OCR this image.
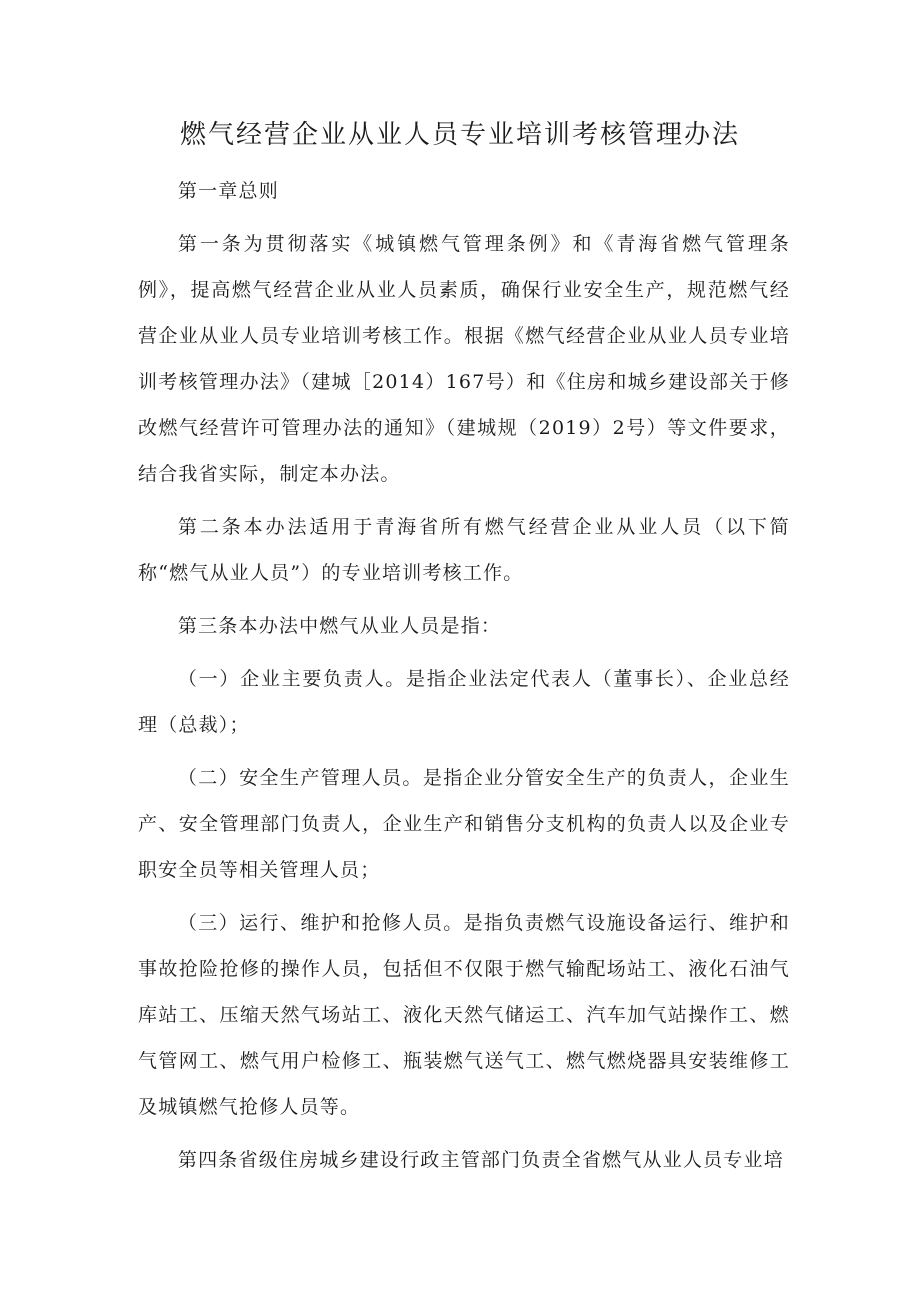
燃气经营企业从业人员专业培训考核管理办法

第一章总则

第一条为贯彻落实《城镇燃气管理条例》和《青海省燃气管理条例》，提高燃气经营企业从业人员素质，确保行业安全生产，规范燃气经营企业从业人员专业培训考核工作。根据《燃气经营企业从业人员专业培训考核管理办法》（建城［2014）167号）和《住房和城乡建设部关于修改燃气经营许可管理办法的通知》（建城规（2019）2号）等文件要求，结合我省实际，制定本办法。

第二条本办法适用于青海省所有燃气经营企业从业人员（以下简称“燃气从业人员”）的专业培训考核工作。

第三条本办法中燃气从业人员是指：

（一）企业主要负责人。是指企业法定代表人（董事长）、企业总经理（总裁）；

（二）安全生产管理人员。是指企业分管安全生产的负责人，企业生产、安全管理部门负责人，企业生产和销售分支机构的负责人以及企业专职安全员等相关管理人员；

（三）运行、维护和抢修人员。是指负责燃气设施设备运行、维护和事故抢险抢修的操作人员，包括但不仅限于燃气输配场站工、液化石油气库站工、压缩天然气场站工、液化天然气储运工、汽车加气站操作工、燃气管网工、燃气用户检修工、瓶装燃气送气工、燃气燃烧器具安装维修工及城镇燃气抢修人员等。

第四条省级住房城乡建设行政主管部门负责全省燃气从业人员专业培
